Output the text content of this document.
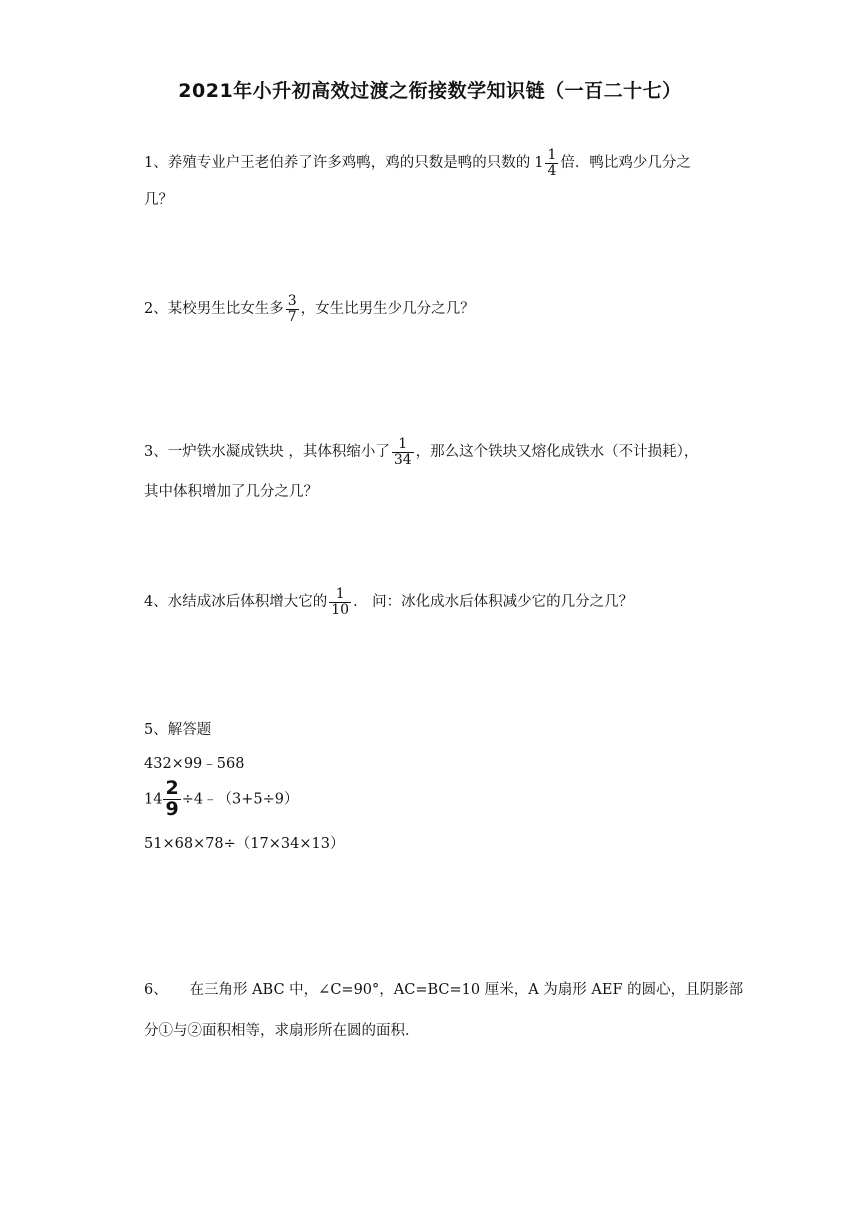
2021年小升初高效过渡之衔接数学知识链（一百二十七）
1、养殖专业户王老伯养了许多鸡鸭，鸡的只数是鸭的只数的 $1 \frac{1}{4}$ 倍．鸭比鸡少几分之
几？
2、某校男生比女生多 $\frac{3}{7}$ ，女生比男生少几分之几？
3、一炉铁水凝成铁块 ，其体积缩小了 $\frac{1}{34}$ ，那么这个铁块又熔化成铁水（不计损耗），
其中体积增加了几分之几？
4、水结成冰后体积增大它的 $\frac{1}{10}$ ． 问：冰化成水后体积减少它的几分之几？
5、解答题
432×99﹣568
$14 \frac{2}{9}$ ÷4﹣（3+5÷9）
51×68×78÷（17×34×13）
6、　　在三角形 ABC 中，∠C=90°，AC=BC=10 厘米，A 为扇形 AEF 的圆心，且阴影部
分①与②面积相等，求扇形所在圆的面积．
